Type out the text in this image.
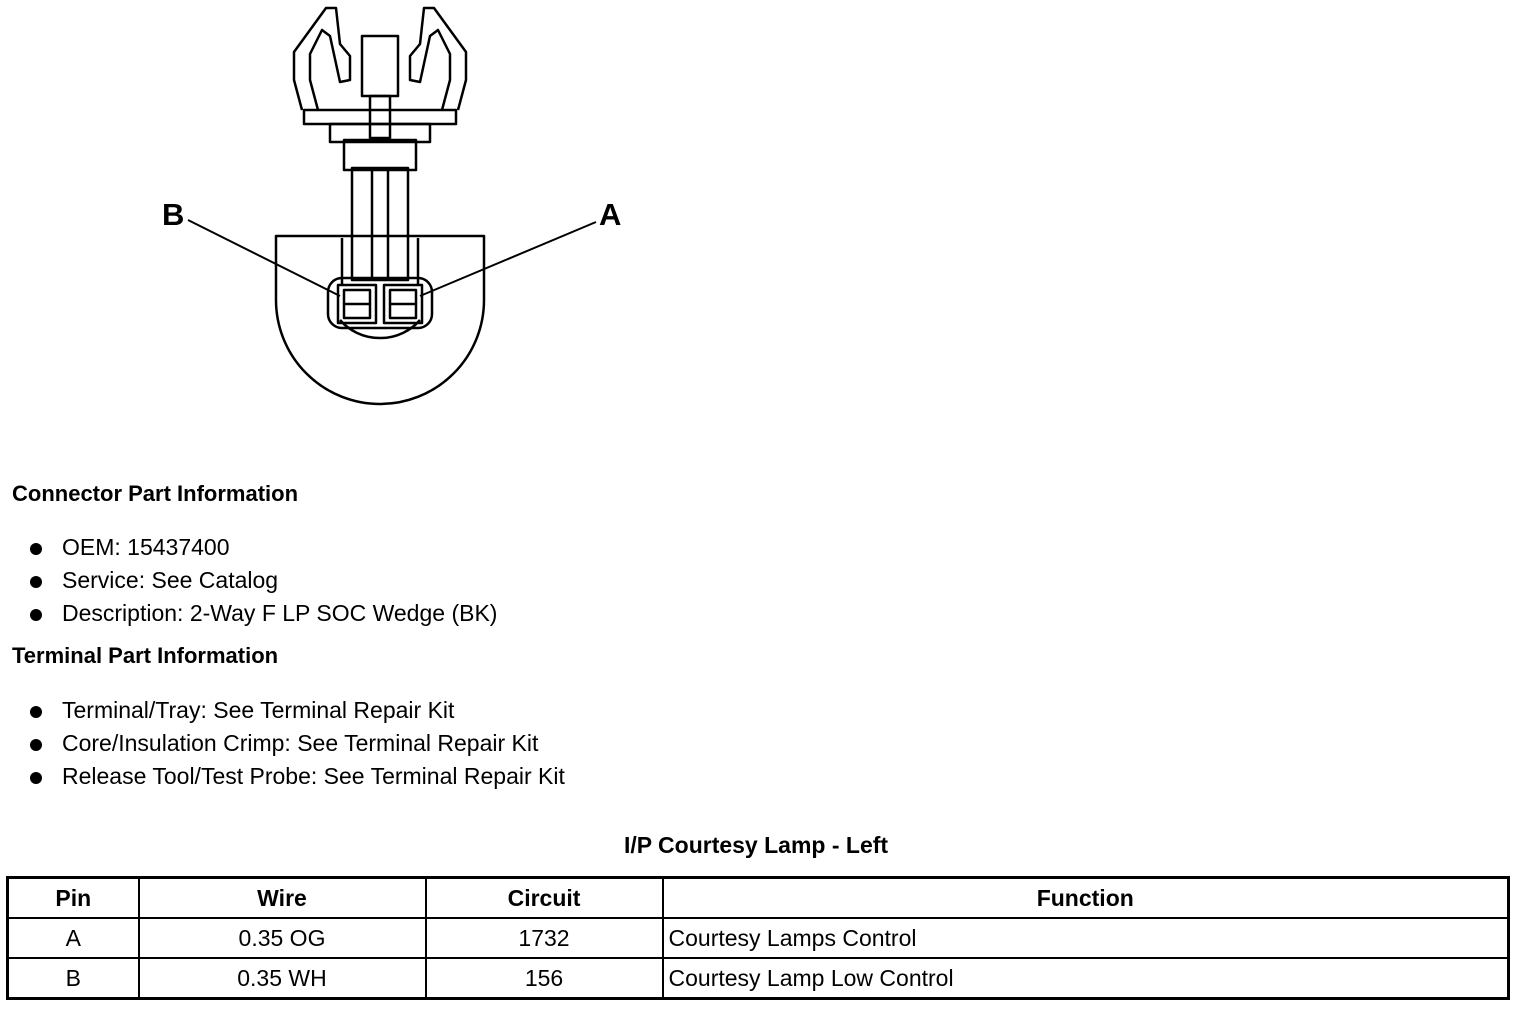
B	A
Connector Part Information
OEM: 15437400
Service: See Catalog
Description: 2-Way F LP SOC Wedge (BK)
Terminal Part Information
Terminal/Tray: See Terminal Repair Kit
Core/Insulation Crimp: See Terminal Repair Kit
Release Tool/Test Probe: See Terminal Repair Kit
I/P Courtesy Lamp - Left
Pin	Wire	Circuit	Function
A	0.35 OG	1732	Courtesy Lamps Control
B	0.35 WH	156	Courtesy Lamp Low Control
